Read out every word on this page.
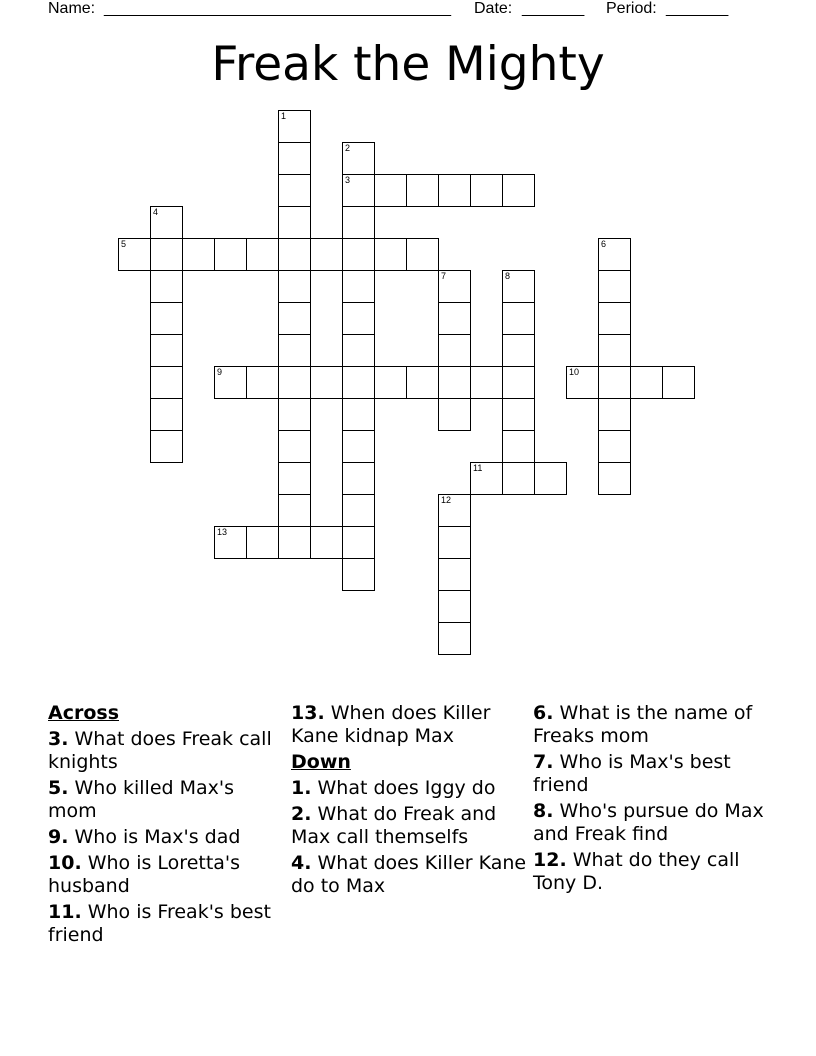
Name: _______________________________________ Date: _______ Period: _______
Freak the Mighty
3
5
9	10
11
13
1
2
4
6
7	8
12
Across
3. What does Freak call knights
5. Who killed Max's mom
9. Who is Max's dad
10. Who is Loretta's husband
11. Who is Freak's best friend
13. When does Killer Kane kidnap Max
Down
1. What does Iggy do
2. What do Freak and Max call themselfs
4. What does Killer Kane do to Max
6. What is the name of Freaks mom
7. Who is Max's best friend
8. Who's pursue do Max and Freak find
12. What do they call Tony D.
